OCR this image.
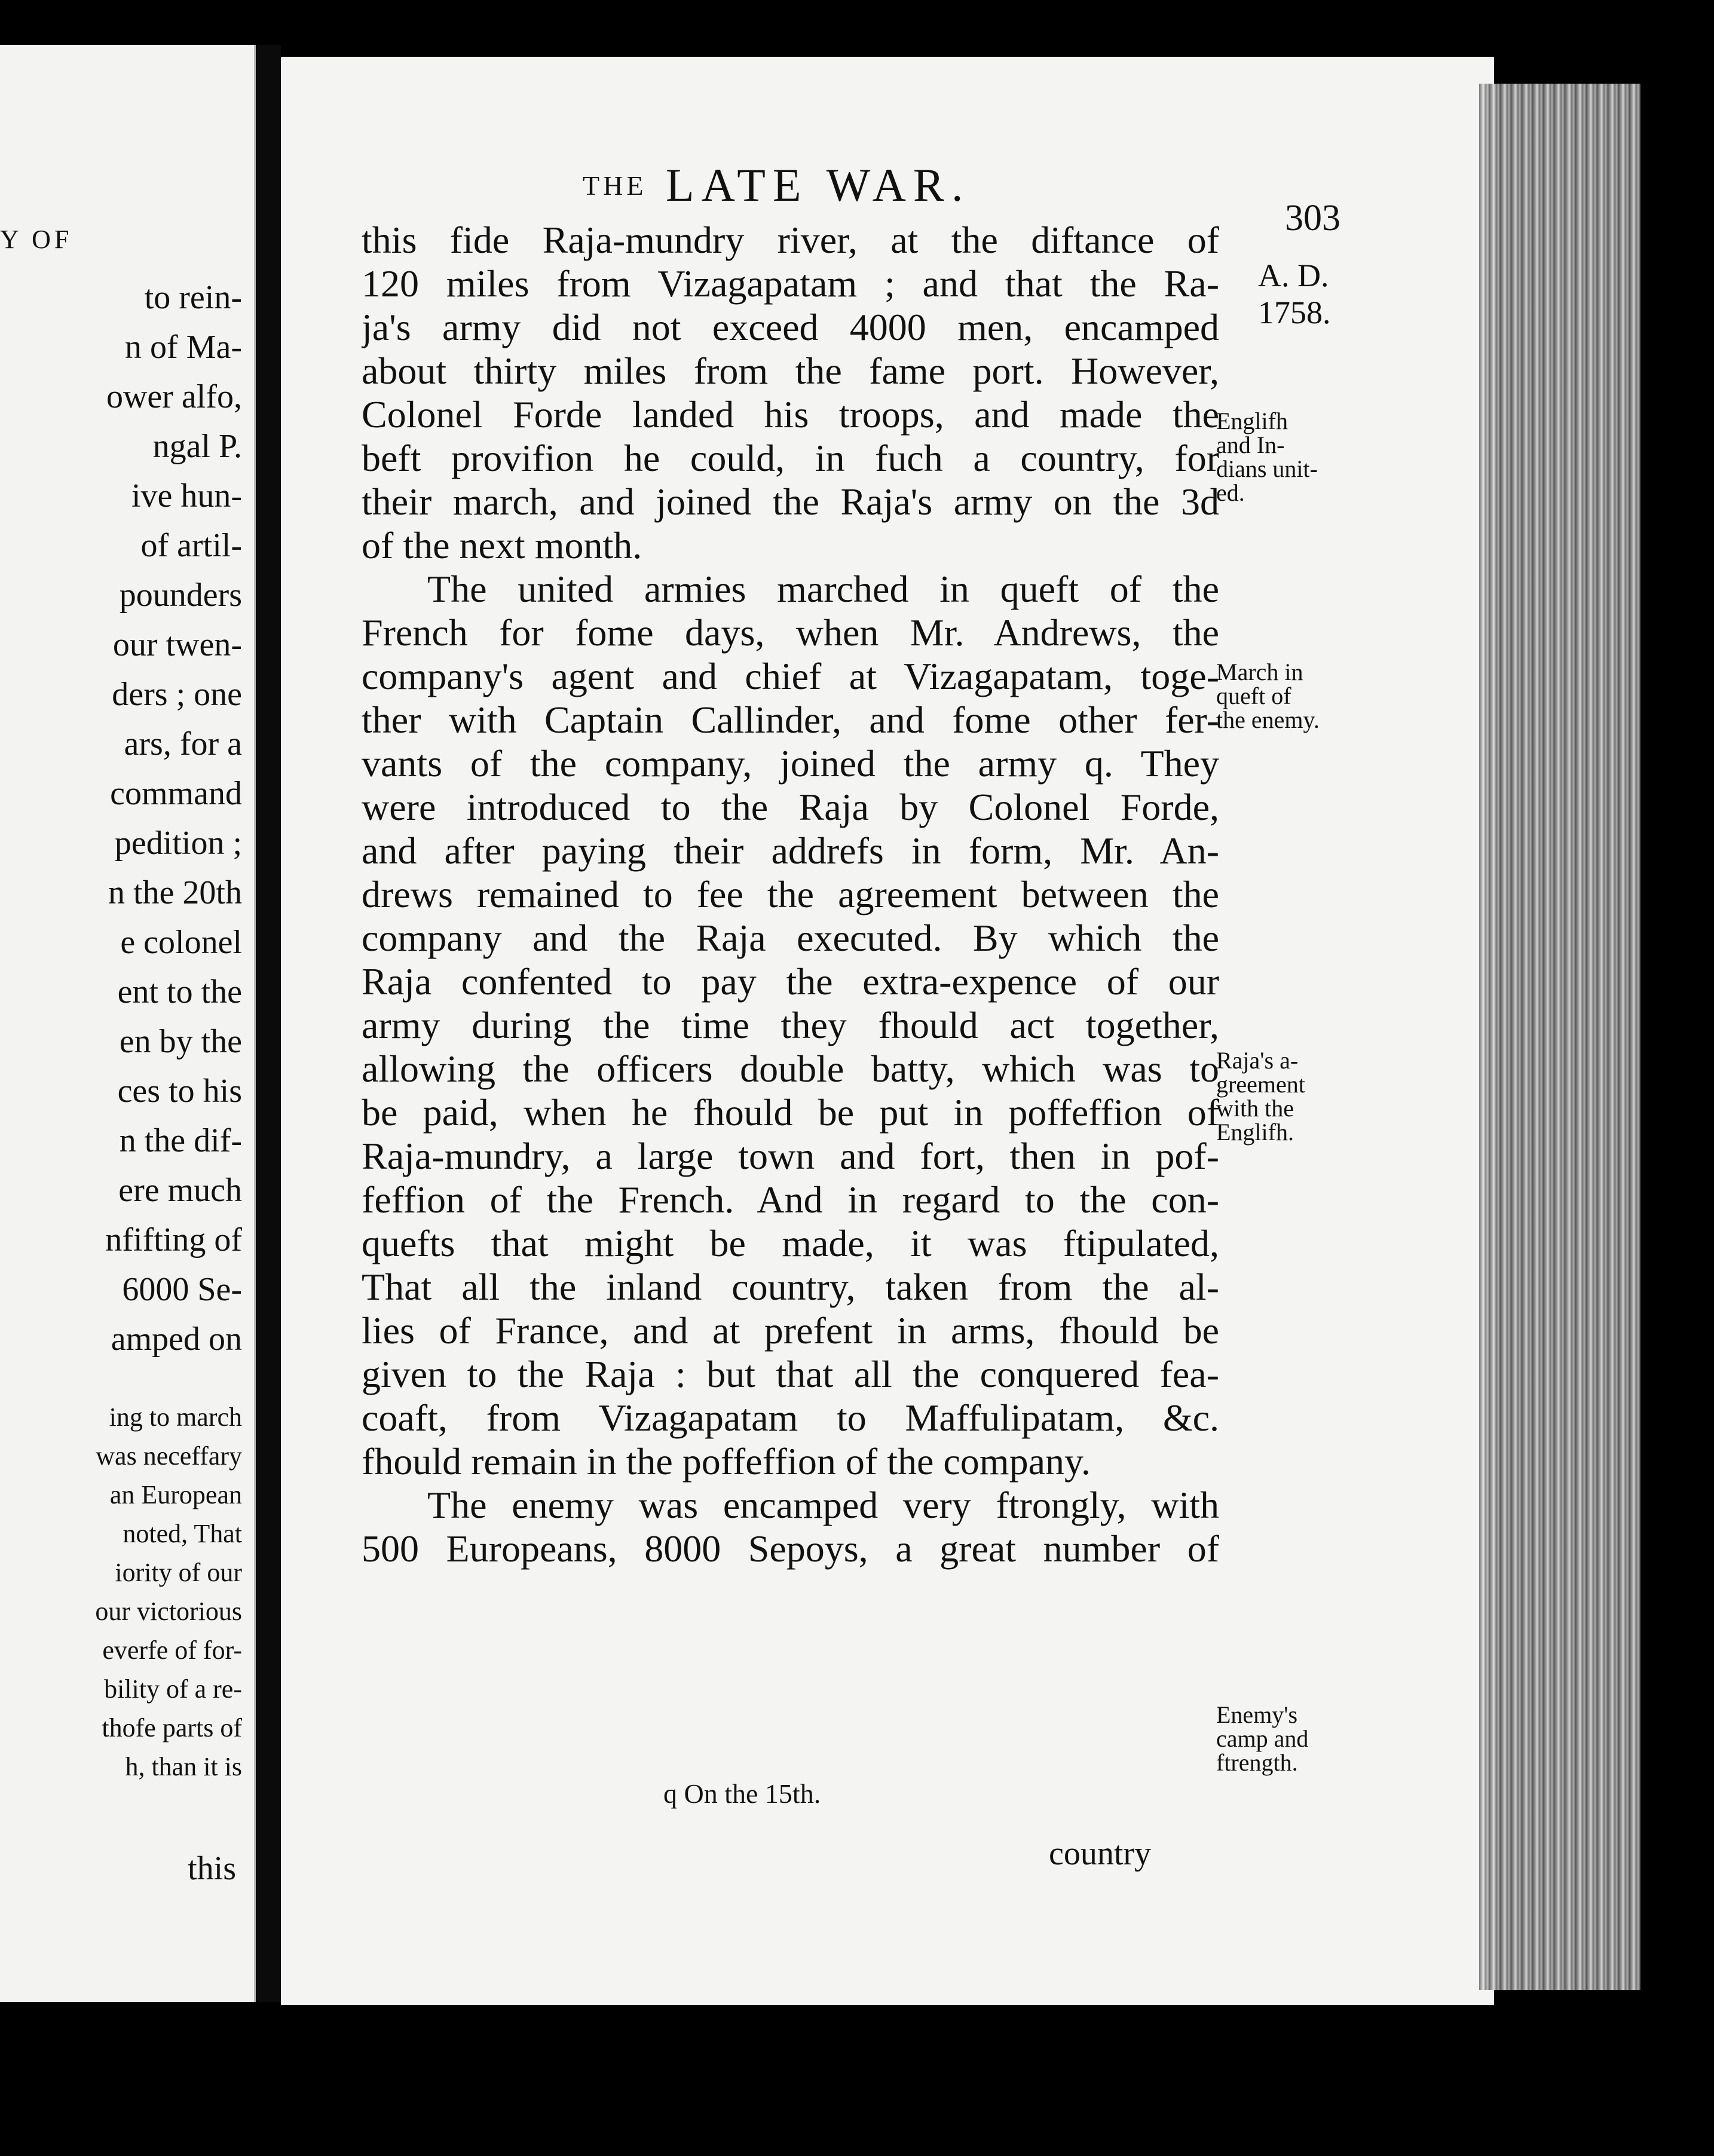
Y OF

to rein-

n of Ma-

ower alfo,

ngal P.

ive hun-

of artil-

pounders

our twen-

ders ; one

ars, for a

command

pedition ;

n the 20th

e colonel

ent to the

en by the

ces to his

n the dif-

ere much

nfifting of

6000 Se-

amped on

ing to march

was neceffary

an European

noted, That

iority of our

our victorious

everfe of for-

bility of a re-

thofe parts of

h, than it is

this
THE LATE WAR.
303
A. D.
1758.

this fide Raja-mundry river, at the diftance of

120 miles from Vizagapatam ; and that the Ra-

ja's army did not exceed 4000 men, encamped

about thirty miles from the fame port. However,

Colonel Forde landed his troops, and made the

beft provifion he could, in fuch a country, for

their march, and joined the Raja's army on the 3d

of the next month.

The united armies marched in queft of the

French for fome days, when Mr. Andrews, the

company's agent and chief at Vizagapatam, toge-

ther with Captain Callinder, and fome other fer-

vants of the company, joined the army q. They

were introduced to the Raja by Colonel Forde,

and after paying their addrefs in form, Mr. An-

drews remained to fee the agreement between the

company and the Raja executed. By which the

Raja confented to pay the extra-expence of our

army during the time they fhould act together,

allowing the officers double batty, which was to

be paid, when he fhould be put in poffeffion of

Raja-mundry, a large town and fort, then in pof-

feffion of the French. And in regard to the con-

quefts that might be made, it was ftipulated,

That all the inland country, taken from the al-

lies of France, and at prefent in arms, fhould be

given to the Raja : but that all the conquered fea-

coaft, from Vizagapatam to Maffulipatam, &c.

fhould remain in the poffeffion of the company.

The enemy was encamped very ftrongly, with

500 Europeans, 8000 Sepoys, a great number of

Englifh
and In-
dians unit-
ed.
March in
queft of
the enemy.
Raja's a-
greement
with the
Englifh.
Enemy's
camp and
ftrength.
q On the 15th.
country
